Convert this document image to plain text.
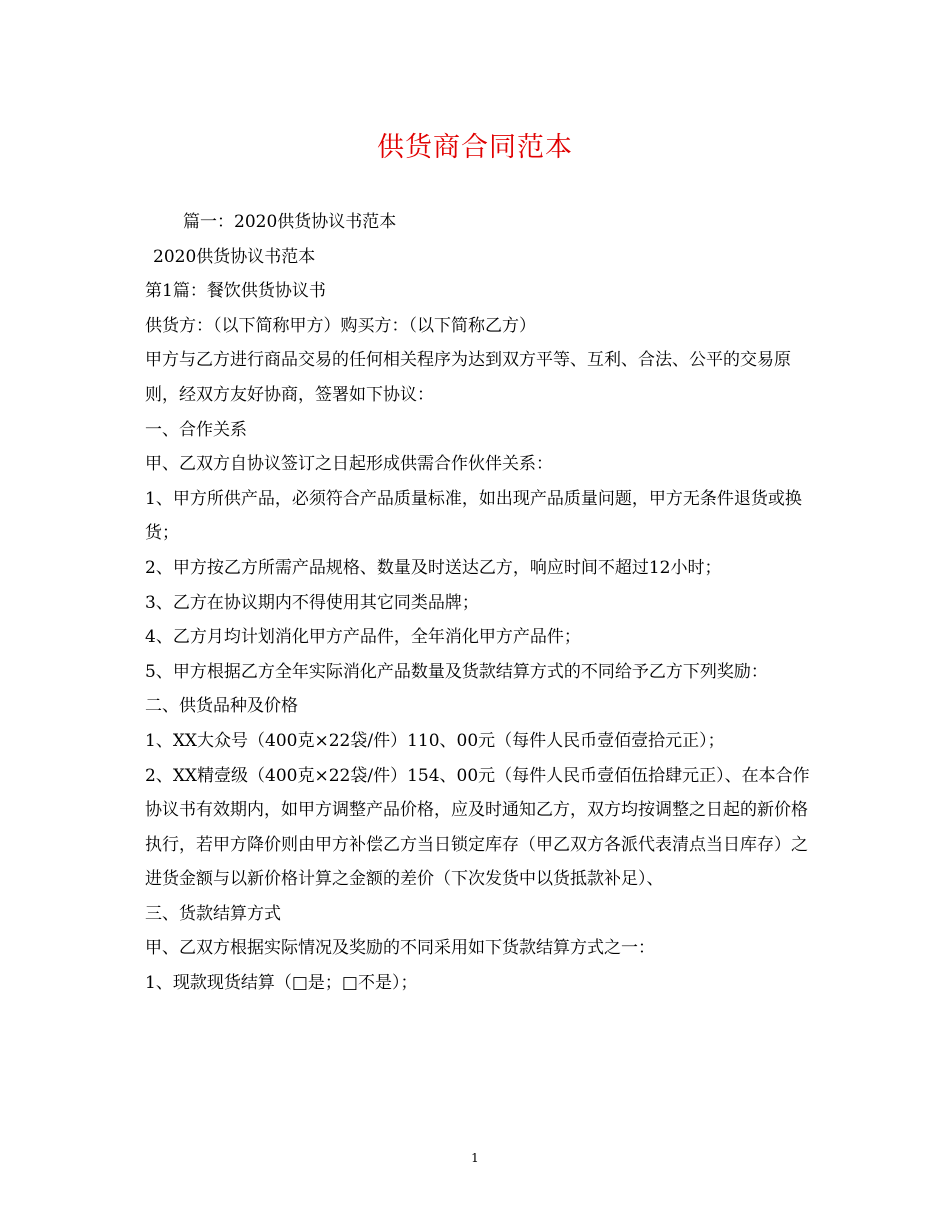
供货商合同范本

篇一：2020供货协议书范本

2020供货协议书范本

第1篇：餐饮供货协议书

供货方：（以下简称甲方）购买方：（以下简称乙方）

甲方与乙方进行商品交易的任何相关程序为达到双方平等、互利、合法、公平的交易原则，经双方友好协商，签署如下协议：

一、合作关系

甲、乙双方自协议签订之日起形成供需合作伙伴关系：

1、甲方所供产品，必须符合产品质量标准，如出现产品质量问题，甲方无条件退货或换货；

2、甲方按乙方所需产品规格、数量及时送达乙方，响应时间不超过12小时；

3、乙方在协议期内不得使用其它同类品牌；

4、乙方月均计划消化甲方产品件，全年消化甲方产品件；

5、甲方根据乙方全年实际消化产品数量及货款结算方式的不同给予乙方下列奖励：

二、供货品种及价格

1、XX大众号（400克×22袋/件）110、00元（每件人民币壹佰壹拾元正）；

2、XX精壹级（400克×22袋/件）154、00元（每件人民币壹佰伍拾肆元正）、在本合作协议书有效期内，如甲方调整产品价格，应及时通知乙方，双方均按调整之日起的新价格执行，若甲方降价则由甲方补偿乙方当日锁定库存（甲乙双方各派代表清点当日库存）之进货金额与以新价格计算之金额的差价（下次发货中以货抵款补足）、

三、货款结算方式

甲、乙双方根据实际情况及奖励的不同采用如下货款结算方式之一：

1、现款现货结算（□是；□不是）；

1
